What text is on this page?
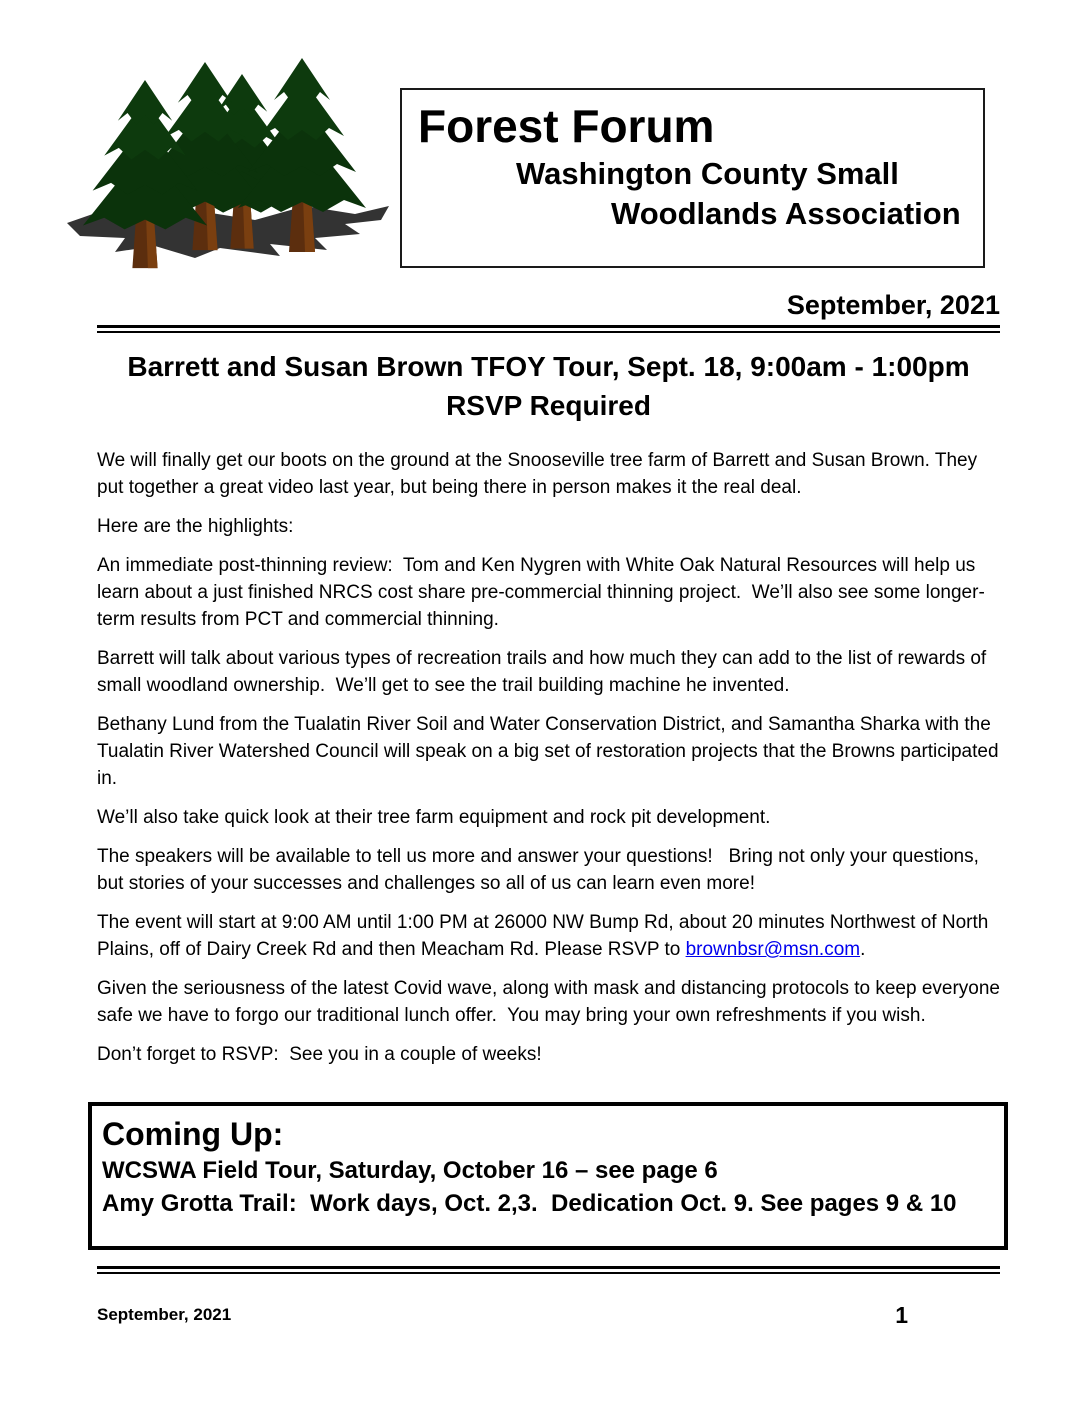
Forest Forum
Washington County Small
Woodlands Association
September, 2021
Barrett and Susan Brown TFOY Tour, Sept. 18, 9:00am - 1:00pm
RSVP Required

We will finally get our boots on the ground at the Snooseville tree farm of Barrett and Susan Brown. They put together a great video last year, but being there in person makes it the real deal.

Here are the highlights:

An immediate post-thinning review:  Tom and Ken Nygren with White Oak Natural Resources will help us learn about a just finished NRCS cost share pre-commercial thinning project.  We’ll also see some longer-term results from PCT and commercial thinning.

Barrett will talk about various types of recreation trails and how much they can add to the list of rewards of small woodland ownership.  We’ll get to see the trail building machine he invented.

Bethany Lund from the Tualatin River Soil and Water Conservation District, and Samantha Sharka with the Tualatin River Watershed Council will speak on a big set of restoration projects that the Browns participated in.

We’ll also take quick look at their tree farm equipment and rock pit development.

The speakers will be available to tell us more and answer your questions!   Bring not only your questions, but stories of your successes and challenges so all of us can learn even more!

The event will start at 9:00 AM until 1:00 PM at 26000 NW Bump Rd, about 20 minutes Northwest of North Plains, off of Dairy Creek Rd and then Meacham Rd. Please RSVP to brownbsr@msn.com.

Given the seriousness of the latest Covid wave, along with mask and distancing protocols to keep everyone safe we have to forgo our traditional lunch offer.  You may bring your own refreshments if you wish.

Don’t forget to RSVP:  See you in a couple of weeks!

Coming Up:
WCSWA Field Tour, Saturday, October 16 – see page 6
Amy Grotta Trail:  Work days, Oct. 2,3.  Dedication Oct. 9. See pages 9 & 10
September, 2021	1
